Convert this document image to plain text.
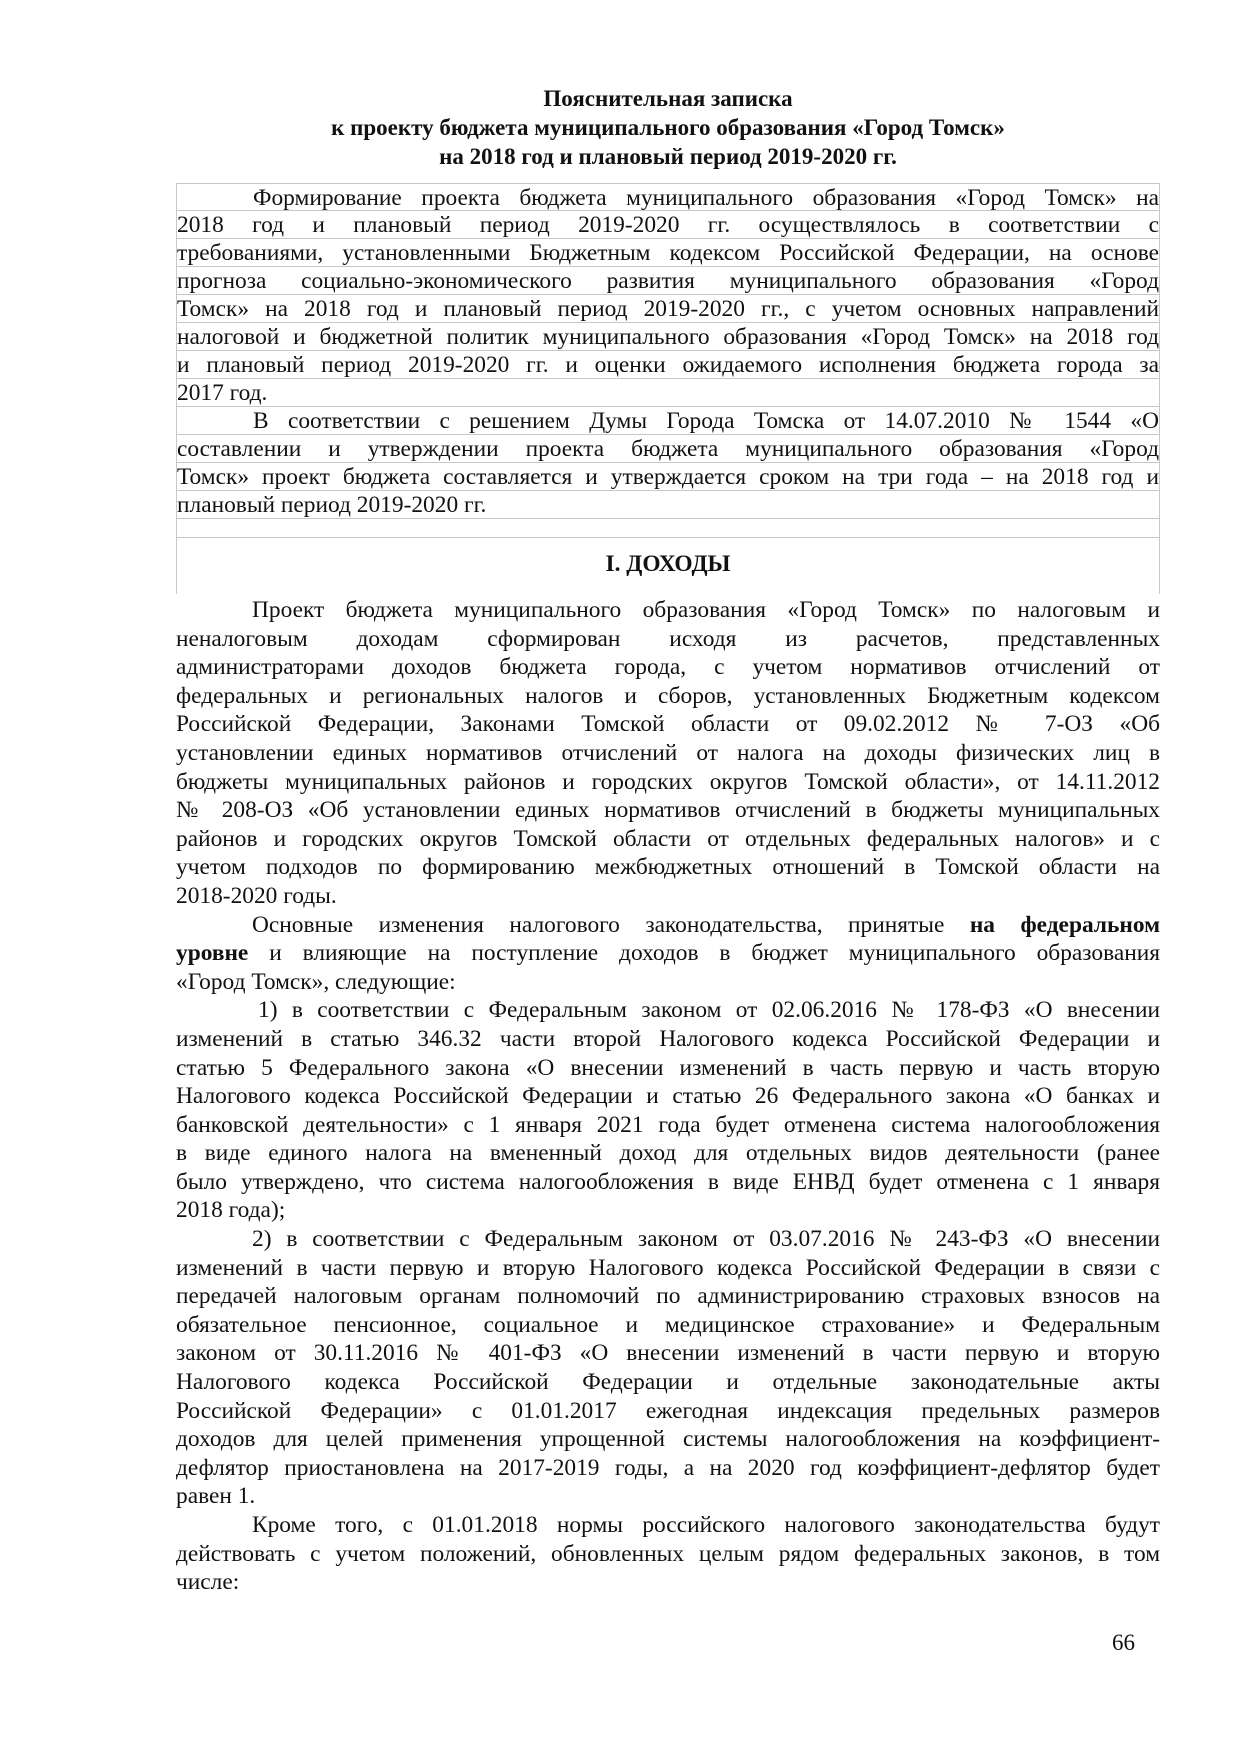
Пояснительная записка
к проекту бюджета муниципального образования «Город Томск»
на 2018 год и плановый период 2019-2020 гг.
Формирование проекта бюджета муниципального образования «Город Томск» на
2018 год и плановый период 2019-2020 гг. осуществлялось в соответствии с
требованиями, установленными Бюджетным кодексом Российской Федерации, на основе
прогноза социально-экономического развития муниципального образования «Город
Томск» на 2018 год и плановый период 2019-2020 гг., с учетом основных направлений
налоговой и бюджетной политик муниципального образования «Город Томск» на 2018 год
и плановый период 2019-2020 гг. и оценки ожидаемого исполнения бюджета города за
2017 год.
В соответствии с решением Думы Города Томска от 14.07.2010 № 1544 «О
составлении и утверждении проекта бюджета муниципального образования «Город
Томск» проект бюджета составляется и утверждается сроком на три года – на 2018 год и
плановый период 2019-2020 гг.
I. ДОХОДЫ
Проект бюджета муниципального образования «Город Томск» по налоговым и
неналоговым доходам сформирован исходя из расчетов, представленных
администраторами доходов бюджета города, с учетом нормативов отчислений от
федеральных и региональных налогов и сборов, установленных Бюджетным кодексом
Российской Федерации, Законами Томской области от 09.02.2012 № 7-ОЗ «Об
установлении единых нормативов отчислений от налога на доходы физических лиц в
бюджеты муниципальных районов и городских округов Томской области», от 14.11.2012
№ 208-ОЗ «Об установлении единых нормативов отчислений в бюджеты муниципальных
районов и городских округов Томской области от отдельных федеральных налогов» и с
учетом подходов по формированию межбюджетных отношений в Томской области на
2018-2020 годы.
Основные изменения налогового законодательства, принятые на федеральном
уровне и влияющие на поступление доходов в бюджет муниципального образования
«Город Томск», следующие:
1) в соответствии с Федеральным законом от 02.06.2016 № 178-ФЗ «О внесении
изменений в статью 346.32 части второй Налогового кодекса Российской Федерации и
статью 5 Федерального закона «О внесении изменений в часть первую и часть вторую
Налогового кодекса Российской Федерации и статью 26 Федерального закона «О банках и
банковской деятельности» с 1 января 2021 года будет отменена система налогообложения
в виде единого налога на вмененный доход для отдельных видов деятельности (ранее
было утверждено, что система налогообложения в виде ЕНВД будет отменена с 1 января
2018 года);
2) в соответствии с Федеральным законом от 03.07.2016 № 243-ФЗ «О внесении
изменений в части первую и вторую Налогового кодекса Российской Федерации в связи с
передачей налоговым органам полномочий по администрированию страховых взносов на
обязательное пенсионное, социальное и медицинское страхование» и Федеральным
законом от 30.11.2016 № 401-ФЗ «О внесении изменений в части первую и вторую
Налогового кодекса Российской Федерации и отдельные законодательные акты
Российской Федерации» с 01.01.2017 ежегодная индексация предельных размеров
доходов для целей применения упрощенной системы налогообложения на коэффициент-
дефлятор приостановлена на 2017-2019 годы, а на 2020 год коэффициент-дефлятор будет
равен 1.
Кроме того, с 01.01.2018 нормы российского налогового законодательства будут
действовать с учетом положений, обновленных целым рядом федеральных законов, в том
числе:
66
